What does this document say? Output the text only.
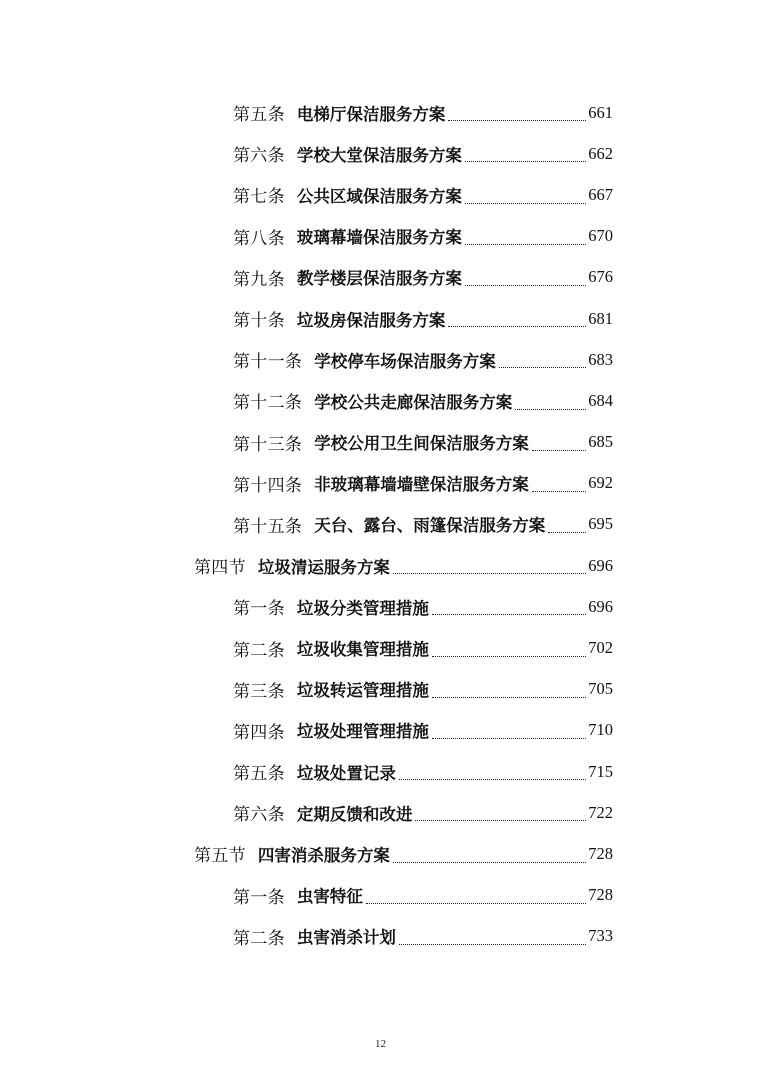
第五条 电梯厅保洁服务方案	661
第六条 学校大堂保洁服务方案	662
第七条 公共区域保洁服务方案	667
第八条 玻璃幕墙保洁服务方案	670
第九条 教学楼层保洁服务方案	676
第十条 垃圾房保洁服务方案	681
第十一条 学校停车场保洁服务方案	683
第十二条 学校公共走廊保洁服务方案	684
第十三条 学校公用卫生间保洁服务方案	685
第十四条 非玻璃幕墙墙壁保洁服务方案	692
第十五条 天台、露台、雨篷保洁服务方案	695
第四节 垃圾清运服务方案	696
第一条 垃圾分类管理措施	696
第二条 垃圾收集管理措施	702
第三条 垃圾转运管理措施	705
第四条 垃圾处理管理措施	710
第五条 垃圾处置记录	715
第六条 定期反馈和改进	722
第五节 四害消杀服务方案	728
第一条 虫害特征	728
第二条 虫害消杀计划	733
12
